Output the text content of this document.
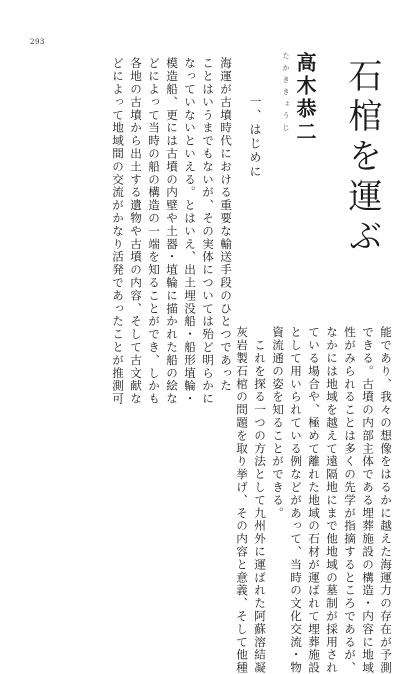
293
石棺を運ぶ
たかききょうじ 高木恭二
一、はじめに
海運が古墳時代における重要な輸送手段のひとつであった
ことはいうまでもないが、その実体については殆ど明らかに
なっていないといえる。とはいえ、出土埋没船・船形埴輪・
模造船、更には古墳の内壁や土器・埴輪に描かれた船の絵な
どによって当時の船の構造の一端を知ることができ、しかも
各地の古墳から出土する遺物や古墳の内容、そして古文献な
どによって地域間の交流がかなり活発であったことが推測可
能であり、我々の想像をはるかに越えた海運力の存在が予測
できる。古墳の内部主体である埋葬施設の構造・内容に地域
性がみられることは多くの先学が指摘するところであるが、
なかには地域を越えて遠隔地にまで他地域の墓制が採用され
ている場合や、極めて離れた地域の石材が運ばれて埋葬施設
として用いられている例などがあって、当時の文化交流・物
資流通の姿を知ることができる。
　これを探る一つの方法として九州外に運ばれた阿蘇溶結凝
灰岩製石棺の問題を取り挙げ、その内容と意義、そして他種
